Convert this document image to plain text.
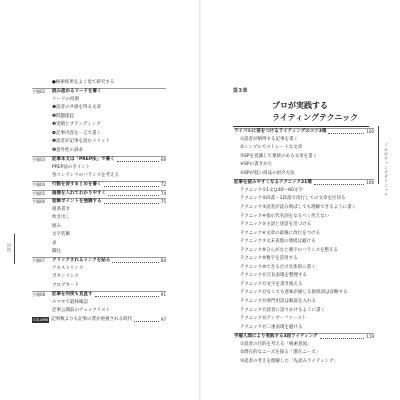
目次
●検索結果をよく見て研究する
手順02	読み進めるリードを書く
リードの役割
❶読者の共感を得る文章
❷問題提起
❸実績とブランディング
❹記事内容を一言で書く
❺読者が記事を読むメリット
❻意外性の訴求
手順03	記事本文は「PREP法」で書く	66
PREP法のポイント
各コンテンツのバランスを考える
手順04	行動を促すまとめを書く	72
手順05	画像を入れてわかりやすく	74
手順06	装飾ボイントを強調する	75
箇条書き
吹き出し
囲み
文字装飾
表
脚注
手順07	クリックされるリンクを貼る	84
テキストリンク
ボタンリンク
ブログカード
手順08	記事を何度も見直す	91
スマホで最終確認
記事公開前のチェックリスト
COLUMN 記事数よりも記事の質が重視される時代	97
第3章
プロが実践する
ライティングテクニック
プロがティングテクニック
ライバルに差をつけるライティングのコツ3選	100
①読者が納得する記事を書く
②シンプルでストレートな文章
③SPを意識して連続のある文章を書く
④SPの書きかた
⑤SPが低い商品の紹介方法
記事を読みやすくなるテクニック21選	106
テクニック①1文は40〜60文字
テクニック②段落・1段落で改行しての文章を区切る
テクニック③読者が読み飛ばしても理解できるように書く
テクニック④指示代名詞をなるべく控えない
テクニック⑤主語と述語を近づける
テクニック⑥文章の最後に改行をつける
テクニック⑦文末表現の連続は避ける
テクニック⑧ひらがなと漢字のバランスを整える
テクニック⑨数字を活用する
テクニック⑩できるだけ具体的に書く
テクニック⑪冗長表現を整理する
テクニック⑫文字を書き換える
テクニック⑬なくても意味が通じる接続詞は省略する
テクニック⑭専門用語は解説を入れる
テクニック⑮読者に語りかけるように書く
テクニック⑯アンサーファースト
テクニック⑰二重表現を避ける
手順人間により実践する3段ライティング	119
①読者の目的を考える「検索意図」
②潜在的なニーズを探る「潜在ニーズ」
③読者の考えを理解した「先読みライティング」
